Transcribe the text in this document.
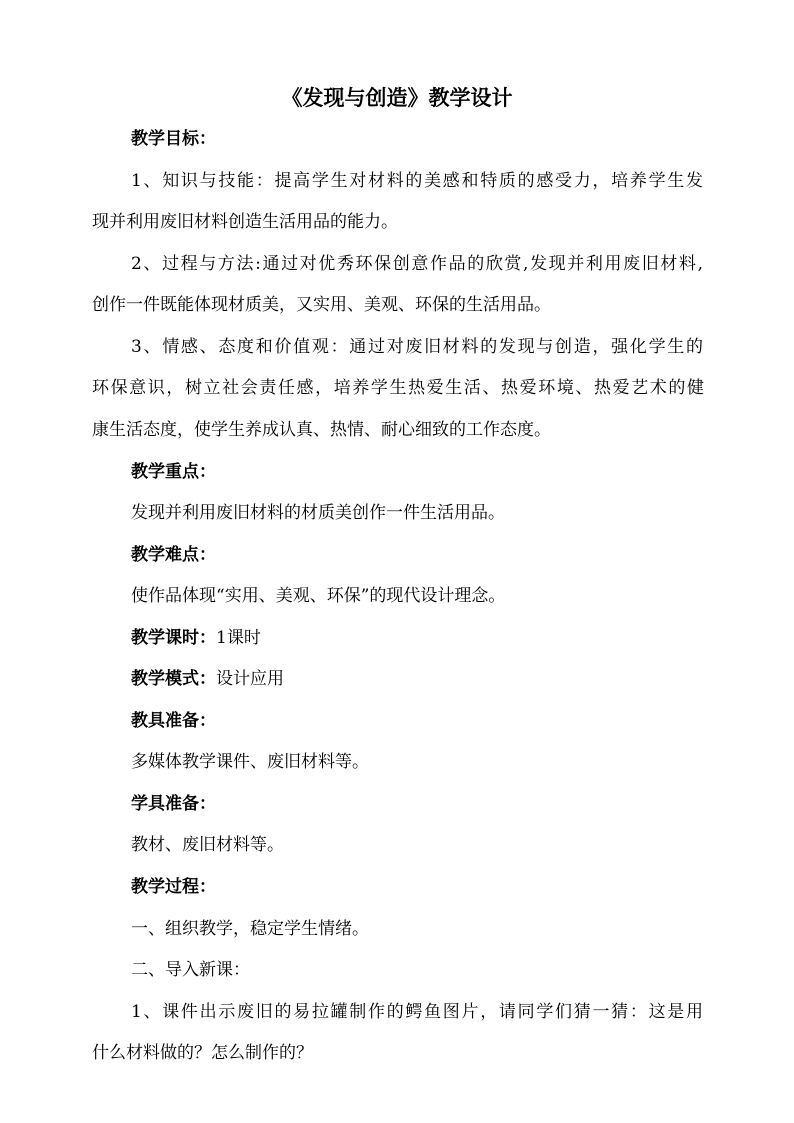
《发现与创造》教学设计
教学目标：
1、知识与技能：提高学生对材料的美感和特质的感受力，培养学生发
现并利用废旧材料创造生活用品的能力。
2、过程与方法:通过对优秀环保创意作品的欣赏,发现并利用废旧材料,
创作一件既能体现材质美，又实用、美观、环保的生活用品。
3、情感、态度和价值观：通过对废旧材料的发现与创造，强化学生的
环保意识，树立社会责任感，培养学生热爱生活、热爱环境、热爱艺术的健
康生活态度，使学生养成认真、热情、耐心细致的工作态度。
教学重点：
发现并利用废旧材料的材质美创作一件生活用品。
教学难点：
使作品体现“实用、美观、环保”的现代设计理念。
教学课时：1课时
教学模式：设计应用
教具准备：
多媒体教学课件、废旧材料等。
学具准备：
教材、废旧材料等。
教学过程：
一、组织教学，稳定学生情绪。
二、导入新课：
1、课件出示废旧的易拉罐制作的鳄鱼图片，请同学们猜一猜：这是用
什么材料做的？怎么制作的？
